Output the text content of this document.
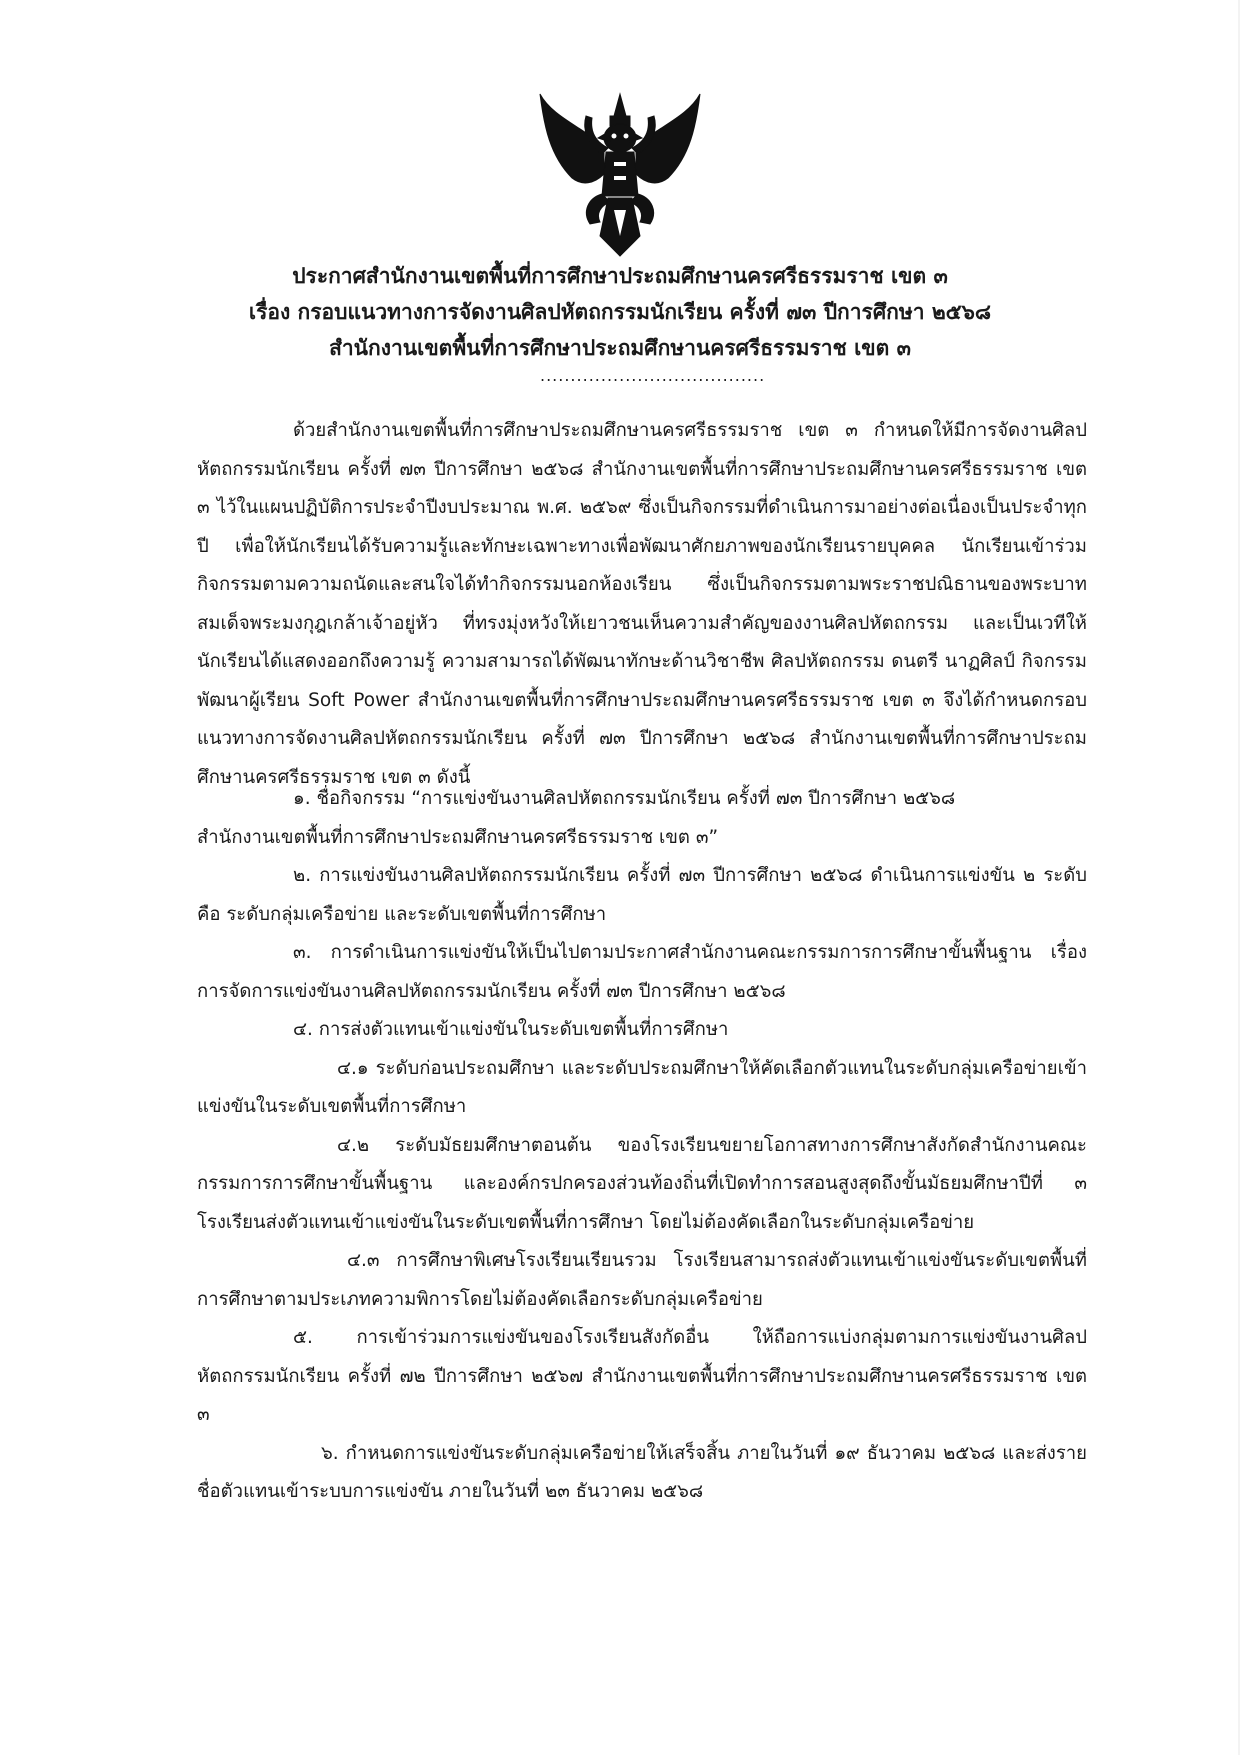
ประกาศสำนักงานเขตพื้นที่การศึกษาประถมศึกษานครศรีธรรมราช เขต ๓
เรื่อง กรอบแนวทางการจัดงานศิลปหัตถกรรมนักเรียน ครั้งที่ ๗๓ ปีการศึกษา ๒๕๖๘
สำนักงานเขตพื้นที่การศึกษาประถมศึกษานครศรีธรรมราช เขต ๓
.....................................
ด้วยสำนักงานเขตพื้นที่การศึกษาประถมศึกษานครศรีธรรมราช เขต ๓ กำหนดให้มีการจัดงานศิลปหัตถกรรมนักเรียน ครั้งที่ ๗๓ ปีการศึกษา ๒๕๖๘ สำนักงานเขตพื้นที่การศึกษาประถมศึกษานครศรีธรรมราช เขต ๓ ไว้ในแผนปฏิบัติการประจำปีงบประมาณ พ.ศ. ๒๕๖๙ ซึ่งเป็นกิจกรรมที่ดำเนินการมาอย่างต่อเนื่องเป็นประจำทุกปี เพื่อให้นักเรียนได้รับความรู้และทักษะเฉพาะทางเพื่อพัฒนาศักยภาพของนักเรียนรายบุคคล นักเรียนเข้าร่วมกิจกรรมตามความถนัดและสนใจได้ทำกิจกรรมนอกห้องเรียน ซึ่งเป็นกิจกรรมตามพระราชปณิธานของพระบาทสมเด็จพระมงกุฎเกล้าเจ้าอยู่หัว ที่ทรงมุ่งหวังให้เยาวชนเห็นความสำคัญของงานศิลปหัตถกรรม และเป็นเวทีให้นักเรียนได้แสดงออกถึงความรู้ ความสามารถได้พัฒนาทักษะด้านวิชาชีพ ศิลปหัตถกรรม ดนตรี นาฏศิลป์ กิจกรรมพัฒนาผู้เรียน Soft Power สำนักงานเขตพื้นที่การศึกษาประถมศึกษานครศรีธรรมราช เขต ๓ จึงได้กำหนดกรอบแนวทางการจัดงานศิลปหัตถกรรมนักเรียน ครั้งที่ ๗๓ ปีการศึกษา ๒๕๖๘ สำนักงานเขตพื้นที่การศึกษาประถมศึกษานครศรีธรรมราช เขต ๓ ดังนี้

๑. ชื่อกิจกรรม “การแข่งขันงานศิลปหัตถกรรมนักเรียน ครั้งที่ ๗๓ ปีการศึกษา ๒๕๖๘

สำนักงานเขตพื้นที่การศึกษาประถมศึกษานครศรีธรรมราช เขต ๓”

๒. การแข่งขันงานศิลปหัตถกรรมนักเรียน ครั้งที่ ๗๓ ปีการศึกษา ๒๕๖๘ ดำเนินการแข่งขัน ๒ ระดับ คือ ระดับกลุ่มเครือข่าย และระดับเขตพื้นที่การศึกษา

๓. การดำเนินการแข่งขันให้เป็นไปตามประกาศสำนักงานคณะกรรมการการศึกษาขั้นพื้นฐาน เรื่อง การจัดการแข่งขันงานศิลปหัตถกรรมนักเรียน ครั้งที่ ๗๓ ปีการศึกษา ๒๕๖๘

๔. การส่งตัวแทนเข้าแข่งขันในระดับเขตพื้นที่การศึกษา

๔.๑ ระดับก่อนประถมศึกษา และระดับประถมศึกษาให้คัดเลือกตัวแทนในระดับกลุ่มเครือข่ายเข้าแข่งขันในระดับเขตพื้นที่การศึกษา

๔.๒ ระดับมัธยมศึกษาตอนต้น ของโรงเรียนขยายโอกาสทางการศึกษาสังกัดสำนักงานคณะกรรมการการศึกษาขั้นพื้นฐาน และองค์กรปกครองส่วนท้องถิ่นที่เปิดทำการสอนสูงสุดถึงขั้นมัธยมศึกษาปีที่ ๓ โรงเรียนส่งตัวแทนเข้าแข่งขันในระดับเขตพื้นที่การศึกษา โดยไม่ต้องคัดเลือกในระดับกลุ่มเครือข่าย

๔.๓ การศึกษาพิเศษโรงเรียนเรียนรวม โรงเรียนสามารถส่งตัวแทนเข้าแข่งขันระดับเขตพื้นที่การศึกษาตามประเภทความพิการโดยไม่ต้องคัดเลือกระดับกลุ่มเครือข่าย

๕. การเข้าร่วมการแข่งขันของโรงเรียนสังกัดอื่น ให้ถือการแบ่งกลุ่มตามการแข่งขันงานศิลปหัตถกรรมนักเรียน ครั้งที่ ๗๒ ปีการศึกษา ๒๕๖๗ สำนักงานเขตพื้นที่การศึกษาประถมศึกษานครศรีธรรมราช เขต ๓

๖. กำหนดการแข่งขันระดับกลุ่มเครือข่ายให้เสร็จสิ้น ภายในวันที่ ๑๙ ธันวาคม ๒๕๖๘ และส่งรายชื่อตัวแทนเข้าระบบการแข่งขัน ภายในวันที่ ๒๓ ธันวาคม ๒๕๖๘
